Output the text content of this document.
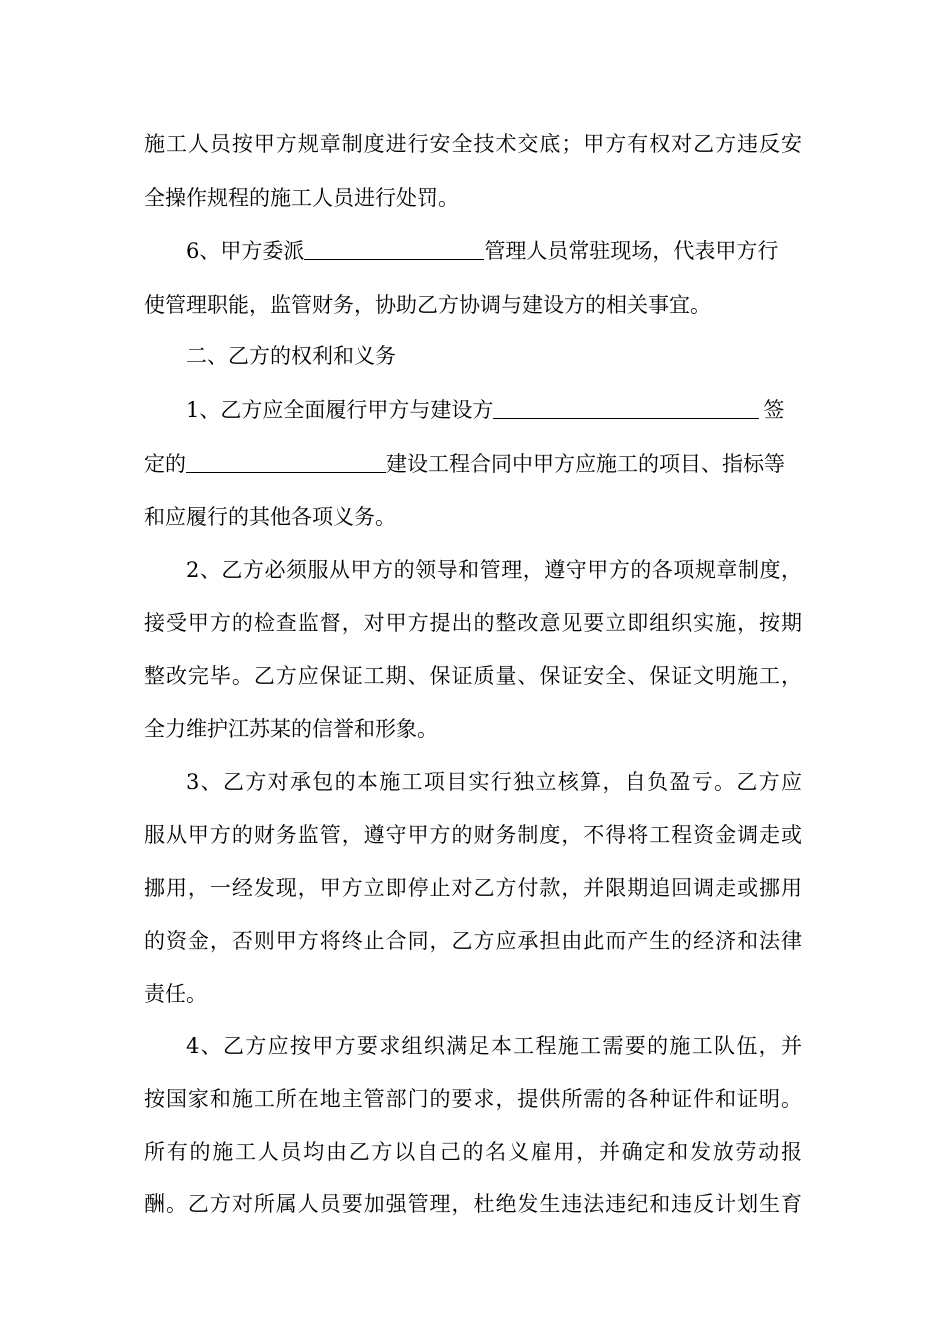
施工人员按甲方规章制度进行安全技术交底；甲方有权对乙方违反安
全操作规程的施工人员进行处罚。
6、甲方委派	管理人员常驻现场，代表甲方行
使管理职能，监管财务，协助乙方协调与建设方的相关事宜。
二、乙方的权利和义务
1、乙方应全面履行甲方与建设方	签
定的	建设工程合同中甲方应施工的项目、指标等
和应履行的其他各项义务。
2、乙方必须服从甲方的领导和管理，遵守甲方的各项规章制度，
接受甲方的检查监督，对甲方提出的整改意见要立即组织实施，按期
整改完毕。乙方应保证工期、保证质量、保证安全、保证文明施工，
全力维护江苏某的信誉和形象。
3、乙方对承包的本施工项目实行独立核算，自负盈亏。乙方应
服从甲方的财务监管，遵守甲方的财务制度，不得将工程资金调走或
挪用，一经发现，甲方立即停止对乙方付款，并限期追回调走或挪用
的资金，否则甲方将终止合同，乙方应承担由此而产生的经济和法律
责任。
4、乙方应按甲方要求组织满足本工程施工需要的施工队伍，并
按国家和施工所在地主管部门的要求，提供所需的各种证件和证明。
所有的施工人员均由乙方以自己的名义雇用，并确定和发放劳动报
酬。乙方对所属人员要加强管理，杜绝发生违法违纪和违反计划生育
